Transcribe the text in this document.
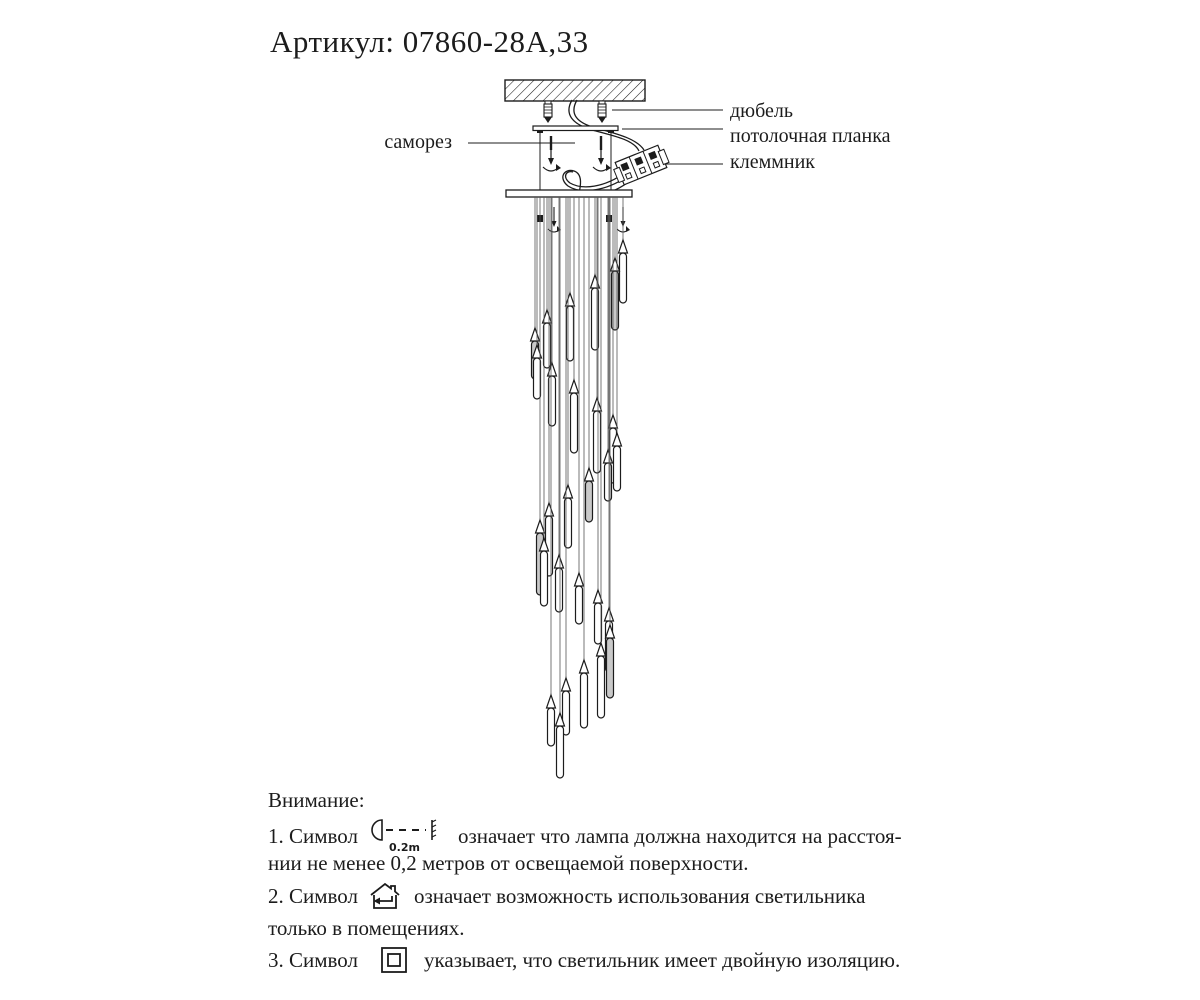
Артикул: 07860-28А,33
саморез
дюбель
потолочная планка
клеммник
Внимание:
1. Символ	0.2m означает что лампа должна находится на расстоя-
нии не менее 0,2 метров от освещаемой поверхности.
2. Символ	означает возможность использования светильника
только в помещениях.
3. Символ	указывает, что светильник имеет двойную изоляцию.
